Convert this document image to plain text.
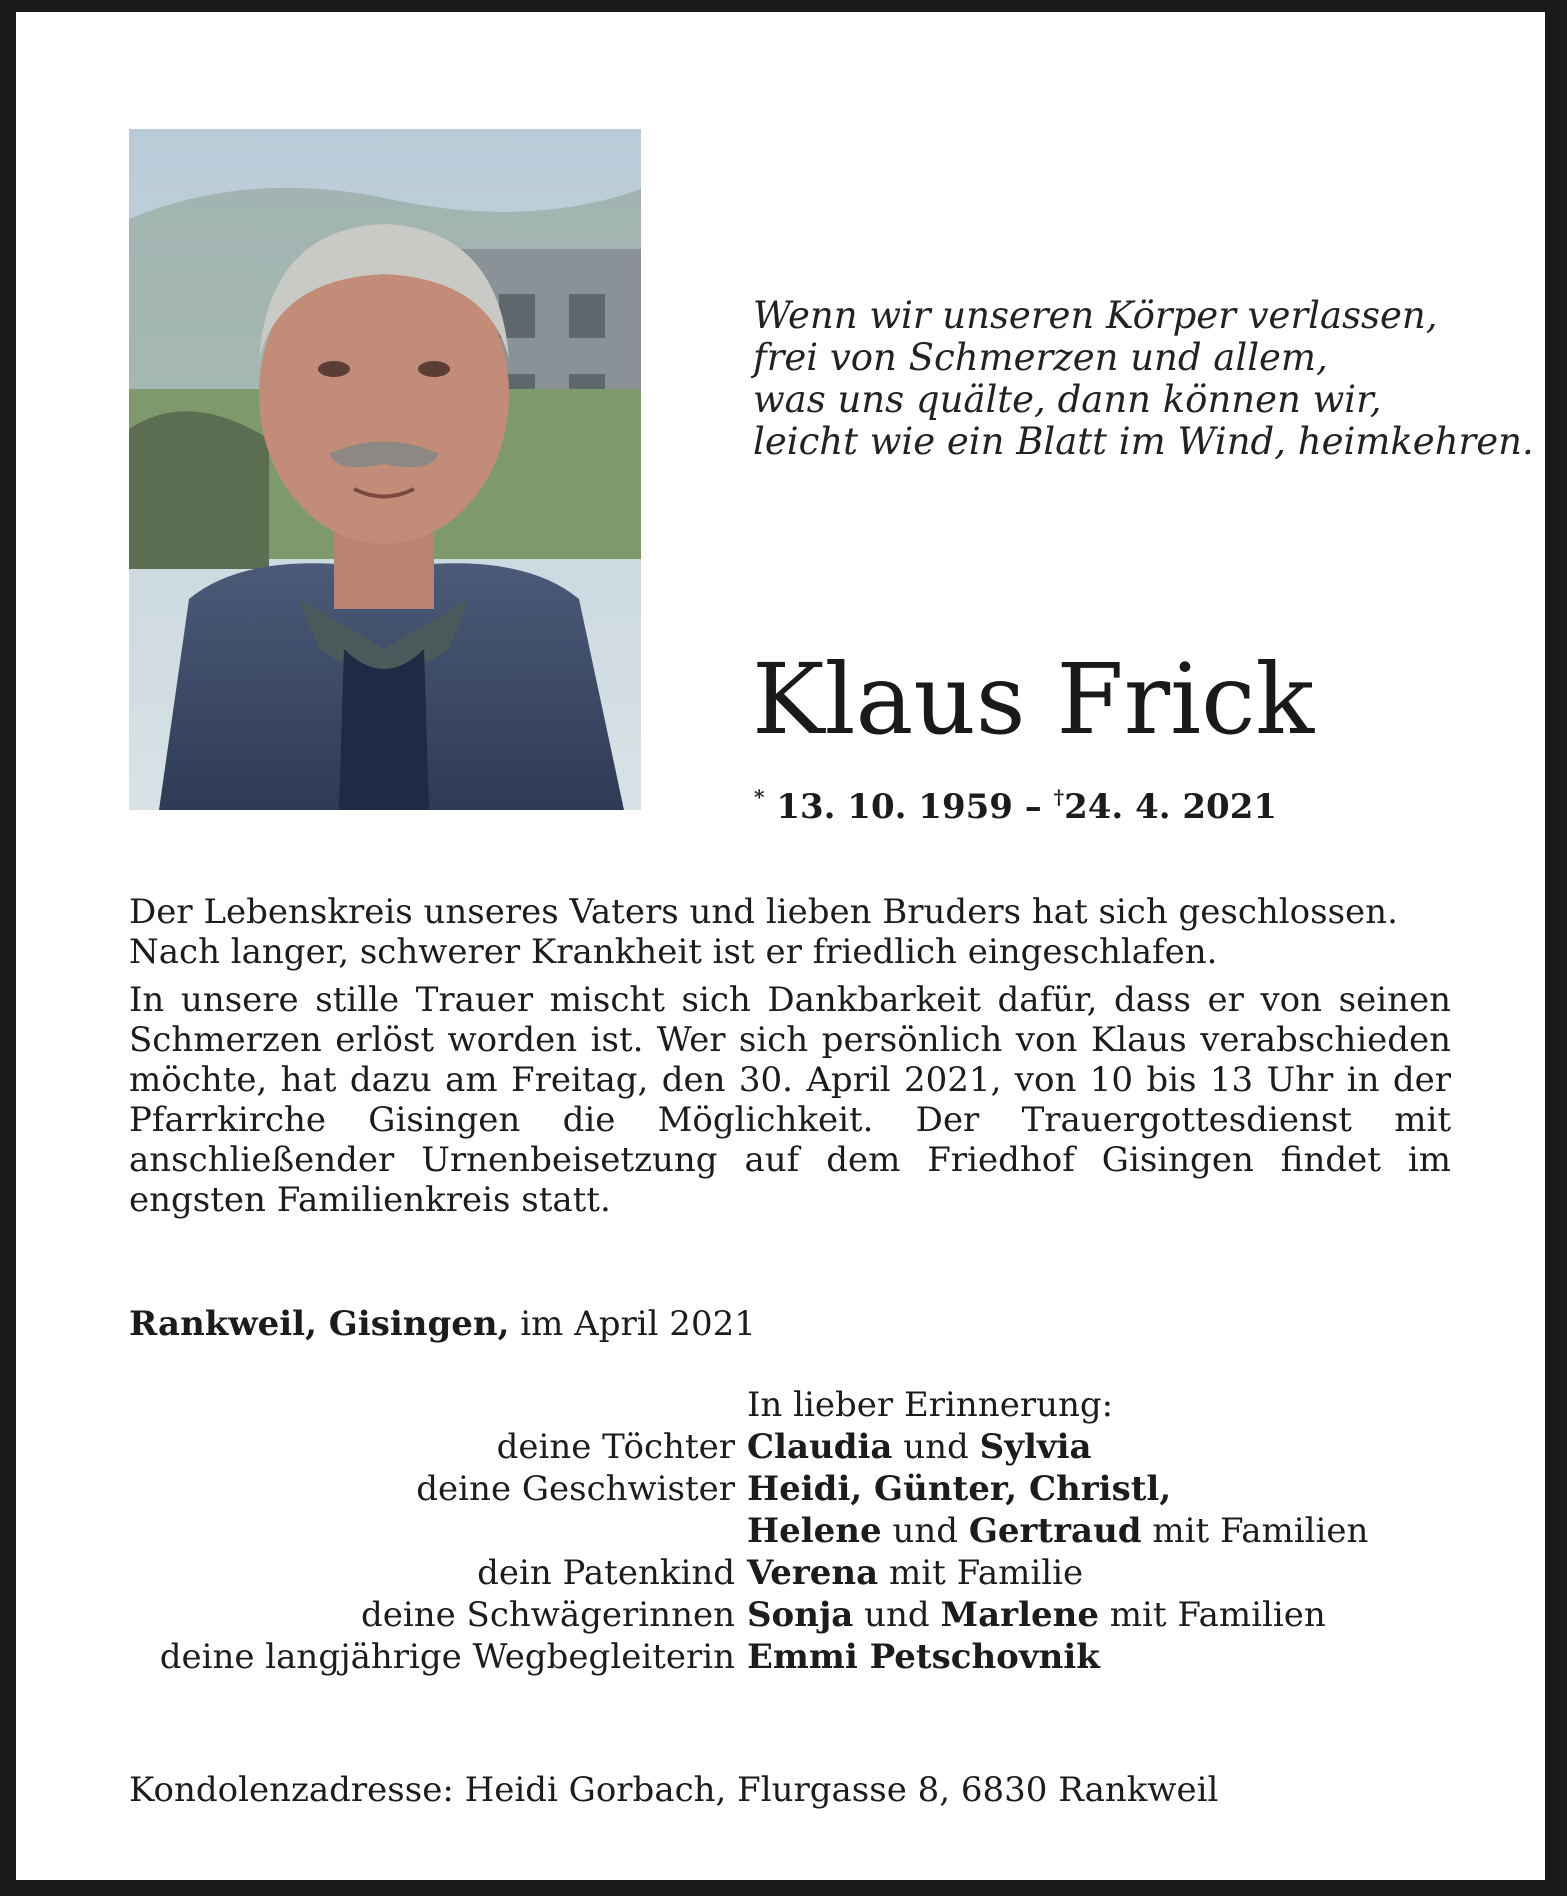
Wenn wir unseren Körper verlassen,
frei von Schmerzen und allem,
was uns quälte, dann können wir,
leicht wie ein Blatt im Wind, heimkehren.
Klaus Frick
* 13. 10. 1959 – †24. 4. 2021

Der Lebenskreis unseres Vaters und lieben Bruders hat sich geschlossen.
Nach langer, schwerer Krankheit ist er friedlich eingeschlafen.

In unsere stille Trauer mischt sich Dankbarkeit dafür, dass er von seinen Schmerzen erlöst worden ist. Wer sich persönlich von Klaus verabschieden möchte, hat dazu am Freitag, den 30. April 2021, von 10 bis 13 Uhr in der Pfarrkirche Gisingen die Möglichkeit. Der Trauergottesdienst mit anschließender Urnenbeisetzung auf dem Friedhof Gisingen findet im engsten Familienkreis statt.

Rankweil, Gisingen, im April 2021
In lieber Erinnerung:
deine Töchter Claudia und Sylvia
deine Geschwister Heidi, Günter, Christl,
Helene und Gertraud mit Familien
dein Patenkind Verena mit Familie
deine Schwägerinnen Sonja und Marlene mit Familien
deine langjährige Wegbegleiterin Emmi Petschovnik
Kondolenzadresse: Heidi Gorbach, Flurgasse 8, 6830 Rankweil
